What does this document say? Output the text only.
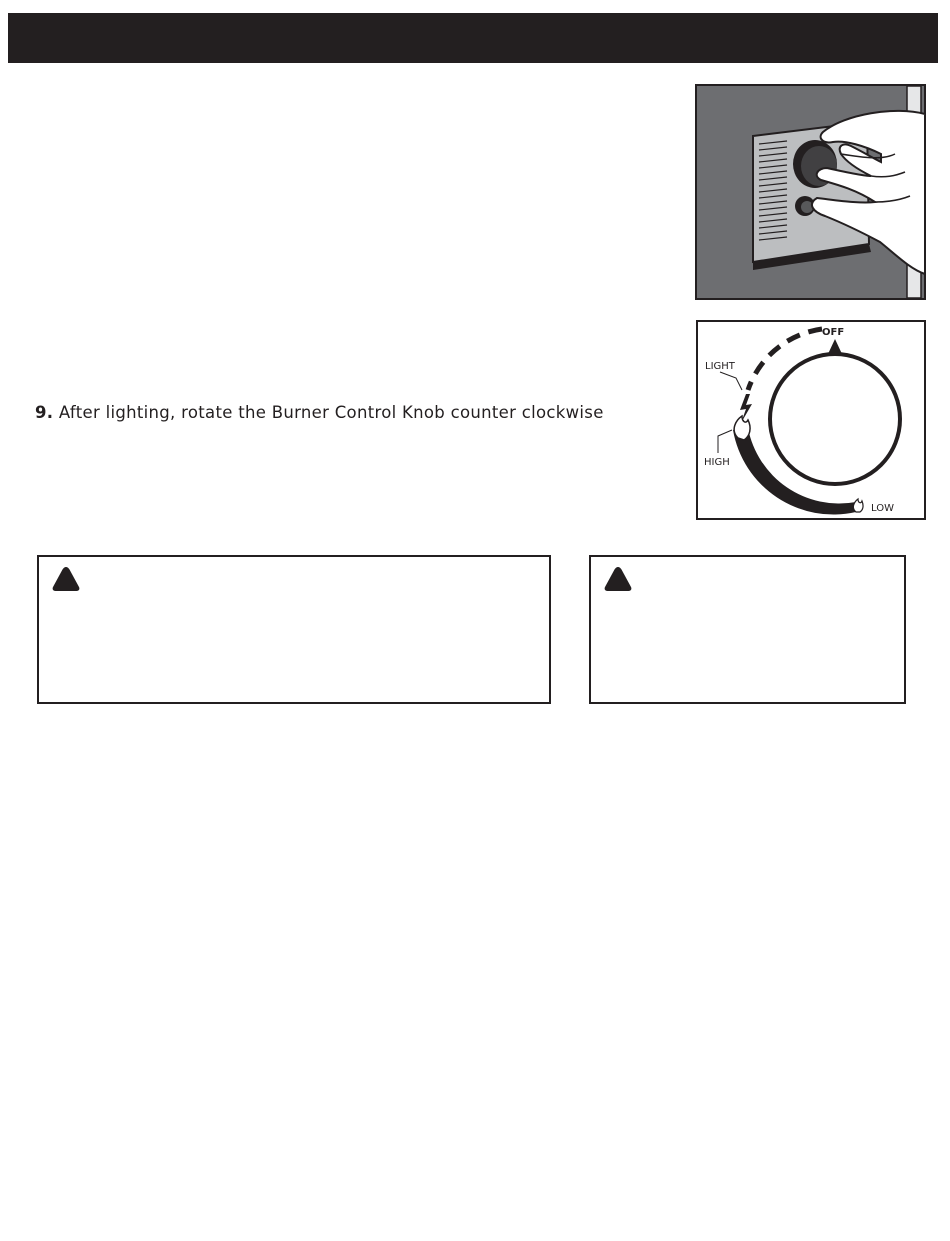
OFF
LIGHT
HIGH
LOW
9. After lighting, rotate the Burner Control Knob counter clockwise
